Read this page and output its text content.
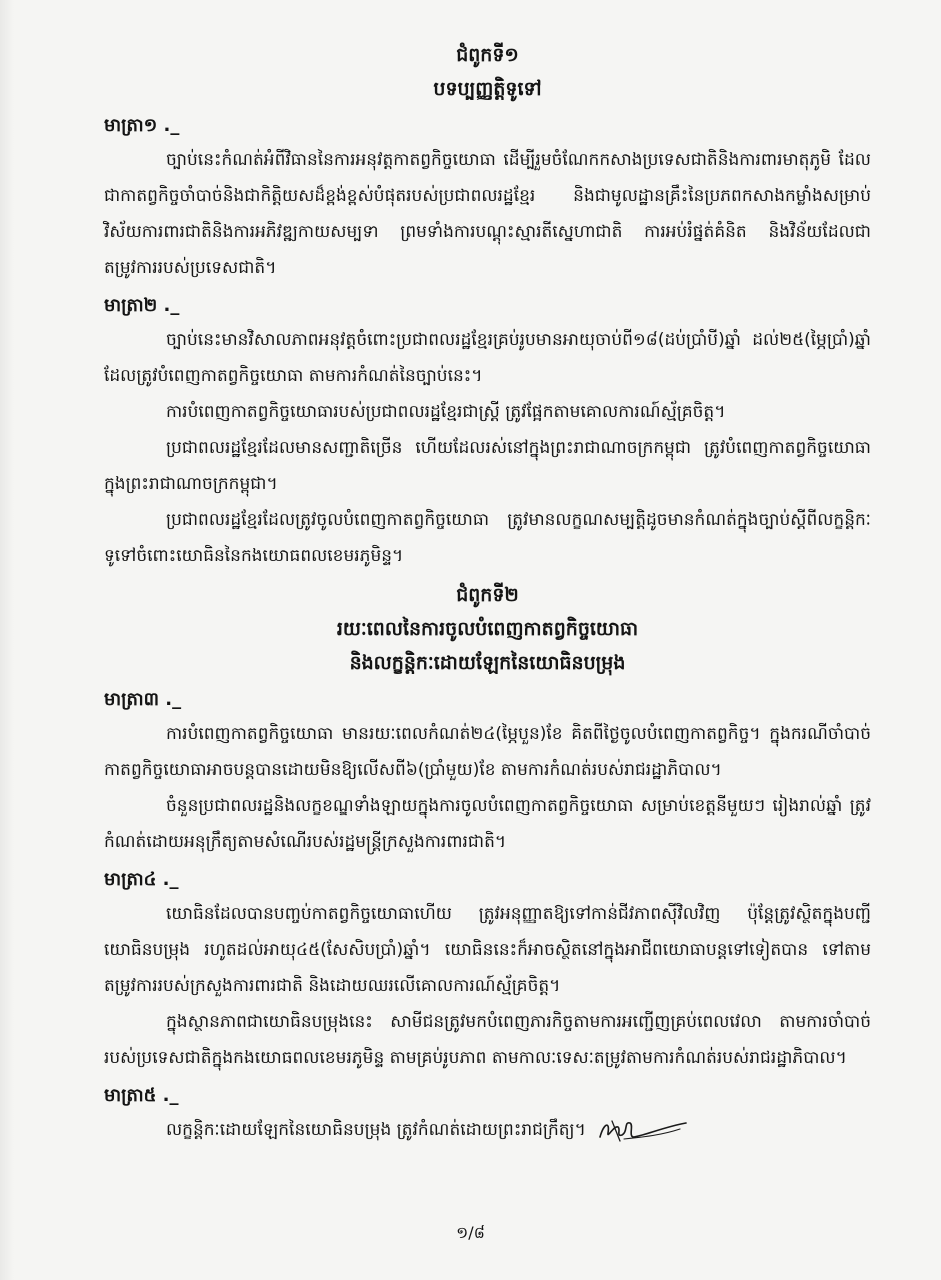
ជំពូកទី១

បទប្បញ្ញត្តិទូទៅ

មាត្រា១ ._

ច្បាប់នេះកំណត់អំពីវិធាននៃការអនុវត្តកាតព្វកិច្ចយោធា ដើម្បីរួមចំណែកកសាងប្រទេសជាតិនិងការពារមាតុភូមិ ដែលជាកាតព្វកិច្ចចាំបាច់និងជាកិត្តិយសដ៏ខ្ពង់ខ្ពស់បំផុតរបស់ប្រជាពលរដ្ឋខ្មែរ និងជាមូលដ្ឋានគ្រឹះនៃប្រភពកសាងកម្លាំងសម្រាប់វិស័យការពារជាតិនិងការអភិវឌ្ឍកាយសម្បទា ព្រមទាំងការបណ្តុះស្មារតីស្នេហាជាតិ ការអប់រំផ្នត់គំនិត និងវិន័យដែលជាតម្រូវការរបស់ប្រទេសជាតិ។

មាត្រា២ ._

ច្បាប់នេះមានវិសាលភាពអនុវត្តចំពោះប្រជាពលរដ្ឋខ្មែរគ្រប់រូបមានអាយុចាប់ពី១៨(ដប់ប្រាំបី)ឆ្នាំ ដល់២៥(ម្ភៃប្រាំ)ឆ្នាំ ដែលត្រូវបំពេញកាតព្វកិច្ចយោធា តាមការកំណត់នៃច្បាប់នេះ។

ការបំពេញកាតព្វកិច្ចយោធារបស់ប្រជាពលរដ្ឋខ្មែរជាស្ត្រី ត្រូវផ្អែកតាមគោលការណ៍ស្ម័គ្រចិត្ត។

ប្រជាពលរដ្ឋខ្មែរដែលមានសញ្ជាតិច្រើន ហើយដែលរស់នៅក្នុងព្រះរាជាណាចក្រកម្ពុជា ត្រូវបំពេញកាតព្វកិច្ចយោធាក្នុងព្រះរាជាណាចក្រកម្ពុជា។

ប្រជាពលរដ្ឋខ្មែរដែលត្រូវចូលបំពេញកាតព្វកិច្ចយោធា ត្រូវមានលក្ខណសម្បត្តិដូចមានកំណត់ក្នុងច្បាប់ស្តីពីលក្ខន្តិកៈទូទៅចំពោះយោធិននៃកងយោធពលខេមរភូមិន្ទ។

ជំពូកទី២

រយៈពេលនៃការចូលបំពេញកាតព្វកិច្ចយោធា

និងលក្ខន្តិកៈដោយឡែកនៃយោធិនបម្រុង

មាត្រា៣ ._

ការបំពេញកាតព្វកិច្ចយោធា មានរយៈពេលកំណត់២៤(ម្ភៃបួន)ខែ គិតពីថ្ងៃចូលបំពេញកាតព្វកិច្ច។ ក្នុងករណីចាំបាច់ កាតព្វកិច្ចយោធាអាចបន្តបានដោយមិនឱ្យលើសពី៦(ប្រាំមួយ)ខែ តាមការកំណត់របស់រាជរដ្ឋាភិបាល។

ចំនួនប្រជាពលរដ្ឋនិងលក្ខខណ្ឌទាំងឡាយក្នុងការចូលបំពេញកាតព្វកិច្ចយោធា សម្រាប់ខេត្តនីមួយៗ រៀងរាល់ឆ្នាំ ត្រូវកំណត់ដោយអនុក្រឹត្យតាមសំណើរបស់រដ្ឋមន្ត្រីក្រសួងការពារជាតិ។

មាត្រា៤ ._

យោធិនដែលបានបញ្ចប់កាតព្វកិច្ចយោធាហើយ ត្រូវអនុញ្ញាតឱ្យទៅកាន់ជីវភាពស៊ីវិលវិញ ប៉ុន្តែត្រូវស្ថិតក្នុងបញ្ជីយោធិនបម្រុង រហូតដល់អាយុ៤៥(សែសិបប្រាំ)ឆ្នាំ។ យោធិននេះក៏អាចស្ថិតនៅក្នុងអាជីពយោធាបន្តទៅទៀតបាន ទៅតាមតម្រូវការរបស់ក្រសួងការពារជាតិ និងដោយឈរលើគោលការណ៍ស្ម័គ្រចិត្ត។

ក្នុងស្ថានភាពជាយោធិនបម្រុងនេះ សាមីជនត្រូវមកបំពេញភារកិច្ចតាមការអញ្ជើញគ្រប់ពេលវេលា តាមការចាំបាច់របស់ប្រទេសជាតិក្នុងកងយោធពលខេមរភូមិន្ទ តាមគ្រប់រូបភាព តាមកាលៈទេសៈតម្រូវតាមការកំណត់របស់រាជរដ្ឋាភិបាល។

មាត្រា៥ ._

លក្ខន្តិកៈដោយឡែកនៃយោធិនបម្រុង ត្រូវកំណត់ដោយព្រះរាជក្រឹត្យ។
១/៨
